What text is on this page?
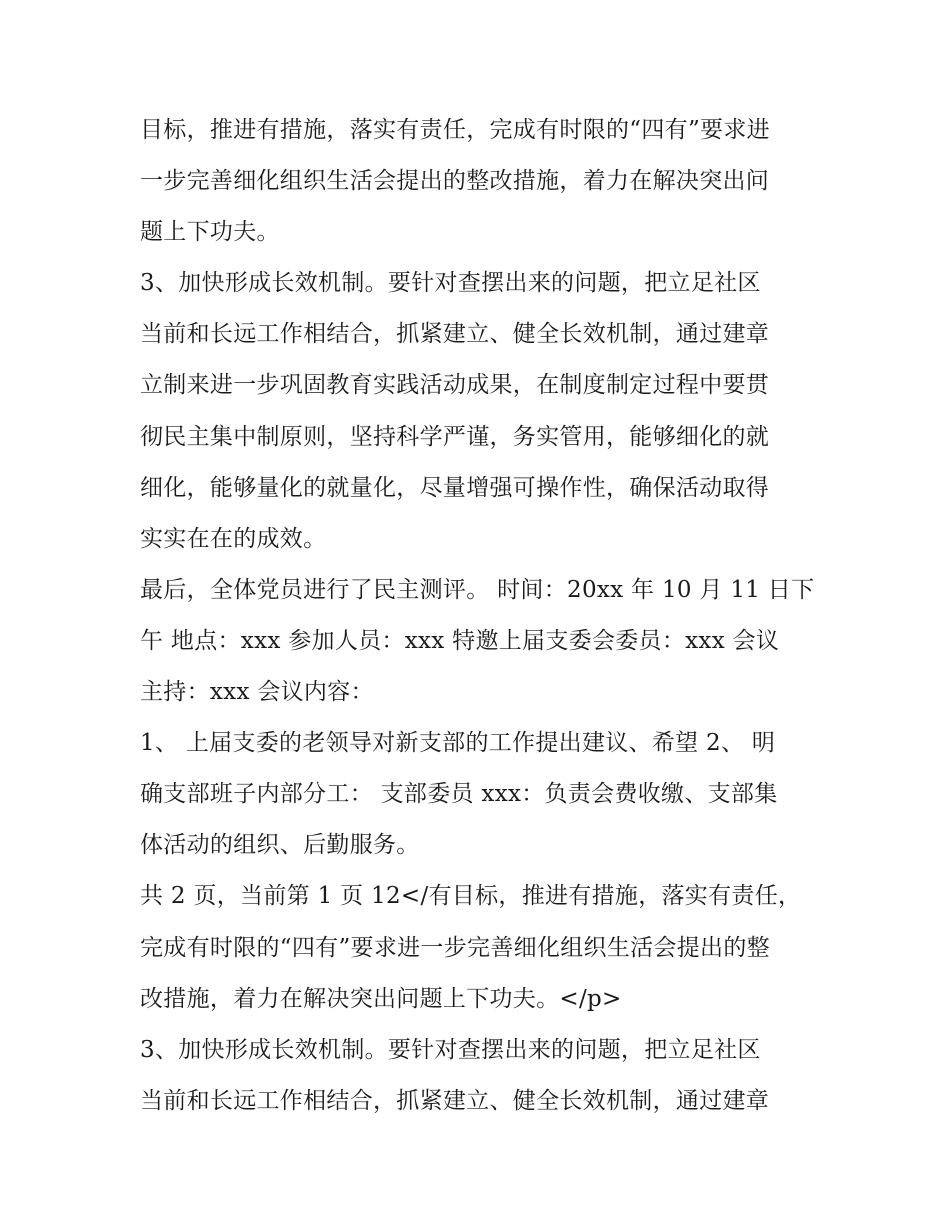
目标，推进有措施，落实有责任，完成有时限的“四有”要求进
一步完善细化组织生活会提出的整改措施，着力在解决突出问
题上下功夫。
3、加快形成长效机制。要针对查摆出来的问题，把立足社区
当前和长远工作相结合，抓紧建立、健全长效机制，通过建章
立制来进一步巩固教育实践活动成果，在制度制定过程中要贯
彻民主集中制原则，坚持科学严谨，务实管用，能够细化的就
细化，能够量化的就量化，尽量增强可操作性，确保活动取得
实实在在的成效。
最后，全体党员进行了民主测评。 时间：20xx 年 10 月 11 日下
午 地点：xxx 参加人员：xxx 特邀上届支委会委员：xxx 会议
主持：xxx 会议内容：
1、 上届支委的老领导对新支部的工作提出建议、希望 2、 明
确支部班子内部分工： 支部委员 xxx：负责会费收缴、支部集
体活动的组织、后勤服务。
共 2 页，当前第 1 页 12</有目标，推进有措施，落实有责任，
完成有时限的“四有”要求进一步完善细化组织生活会提出的整
改措施，着力在解决突出问题上下功夫。</p>
3、加快形成长效机制。要针对查摆出来的问题，把立足社区
当前和长远工作相结合，抓紧建立、健全长效机制，通过建章
